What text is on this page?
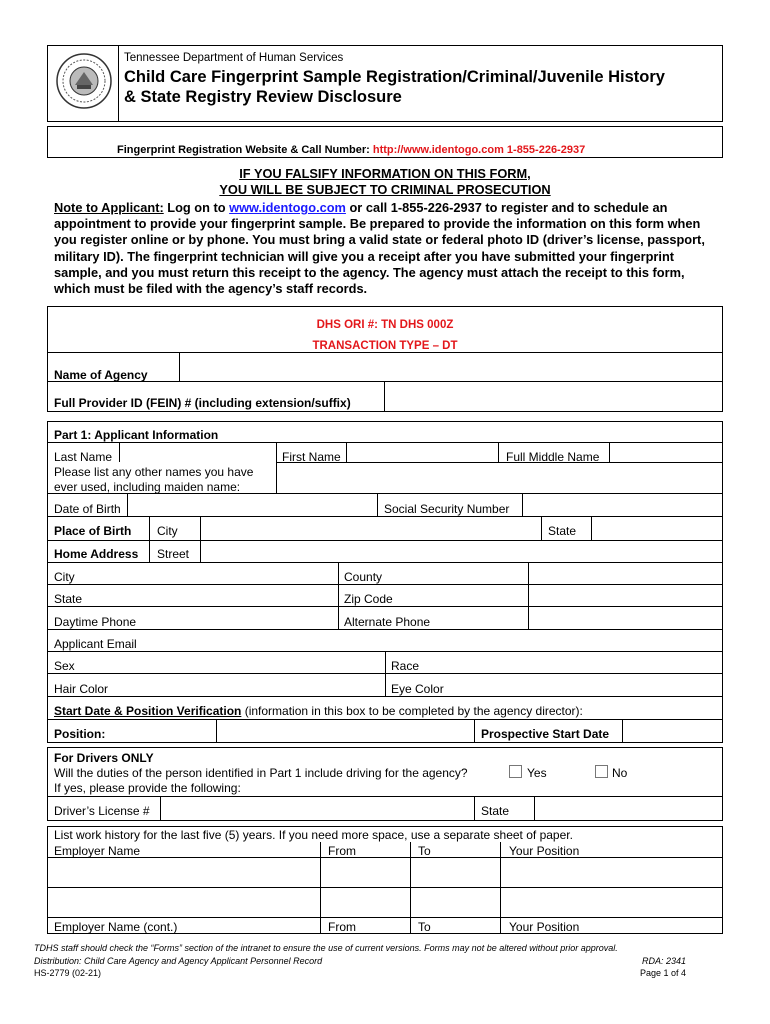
Tennessee Department of Human Services
Child Care Fingerprint Sample Registration/Criminal/Juvenile History
& State Registry Review Disclosure
Fingerprint Registration Website & Call Number: http://www.identogo.com 1-855-226-2937
IF YOU FALSIFY INFORMATION ON THIS FORM,
YOU WILL BE SUBJECT TO CRIMINAL PROSECUTION
Note to Applicant: Log on to www.identogo.com or call 1-855-226-2937 to register and to schedule an appointment to provide your fingerprint sample. Be prepared to provide the information on this form when you register online or by phone. You must bring a valid state or federal photo ID (driver’s license, passport, military ID). The fingerprint technician will give you a receipt after you have submitted your fingerprint sample, and you must return this receipt to the agency. The agency must attach the receipt to this form, which must be filed with the agency’s staff records.
DHS ORI #: TN DHS 000Z
TRANSACTION TYPE – DT
Name of Agency
Full Provider ID (FEIN) # (including extension/suffix)
Part 1: Applicant Information
Last Name	First Name	Full Middle Name
Please list any other names you have
ever used, including maiden name:
Date of Birth	Social Security Number
Place of Birth City	State
Home Address Street
City	County
State	Zip Code
Daytime Phone	Alternate Phone
Applicant Email
Sex	Race
Hair Color	Eye Color
Start Date & Position Verification (information in this box to be completed by the agency director):
Position:	Prospective Start Date
For Drivers ONLY
Will the duties of the person identified in Part 1 include driving for the agency?	Yes	No
If yes, please provide the following:
Driver’s License #	State
List work history for the last five (5) years. If you need more space, use a separate sheet of paper.
Employer Name	From	To	Your Position
Employer Name (cont.)	From	To	Your Position
TDHS staff should check the “Forms” section of the intranet to ensure the use of current versions. Forms may not be altered without prior approval.
Distribution: Child Care Agency and Agency Applicant Personnel Record	RDA: 2341
HS-2779 (02-21)	Page 1 of 4
